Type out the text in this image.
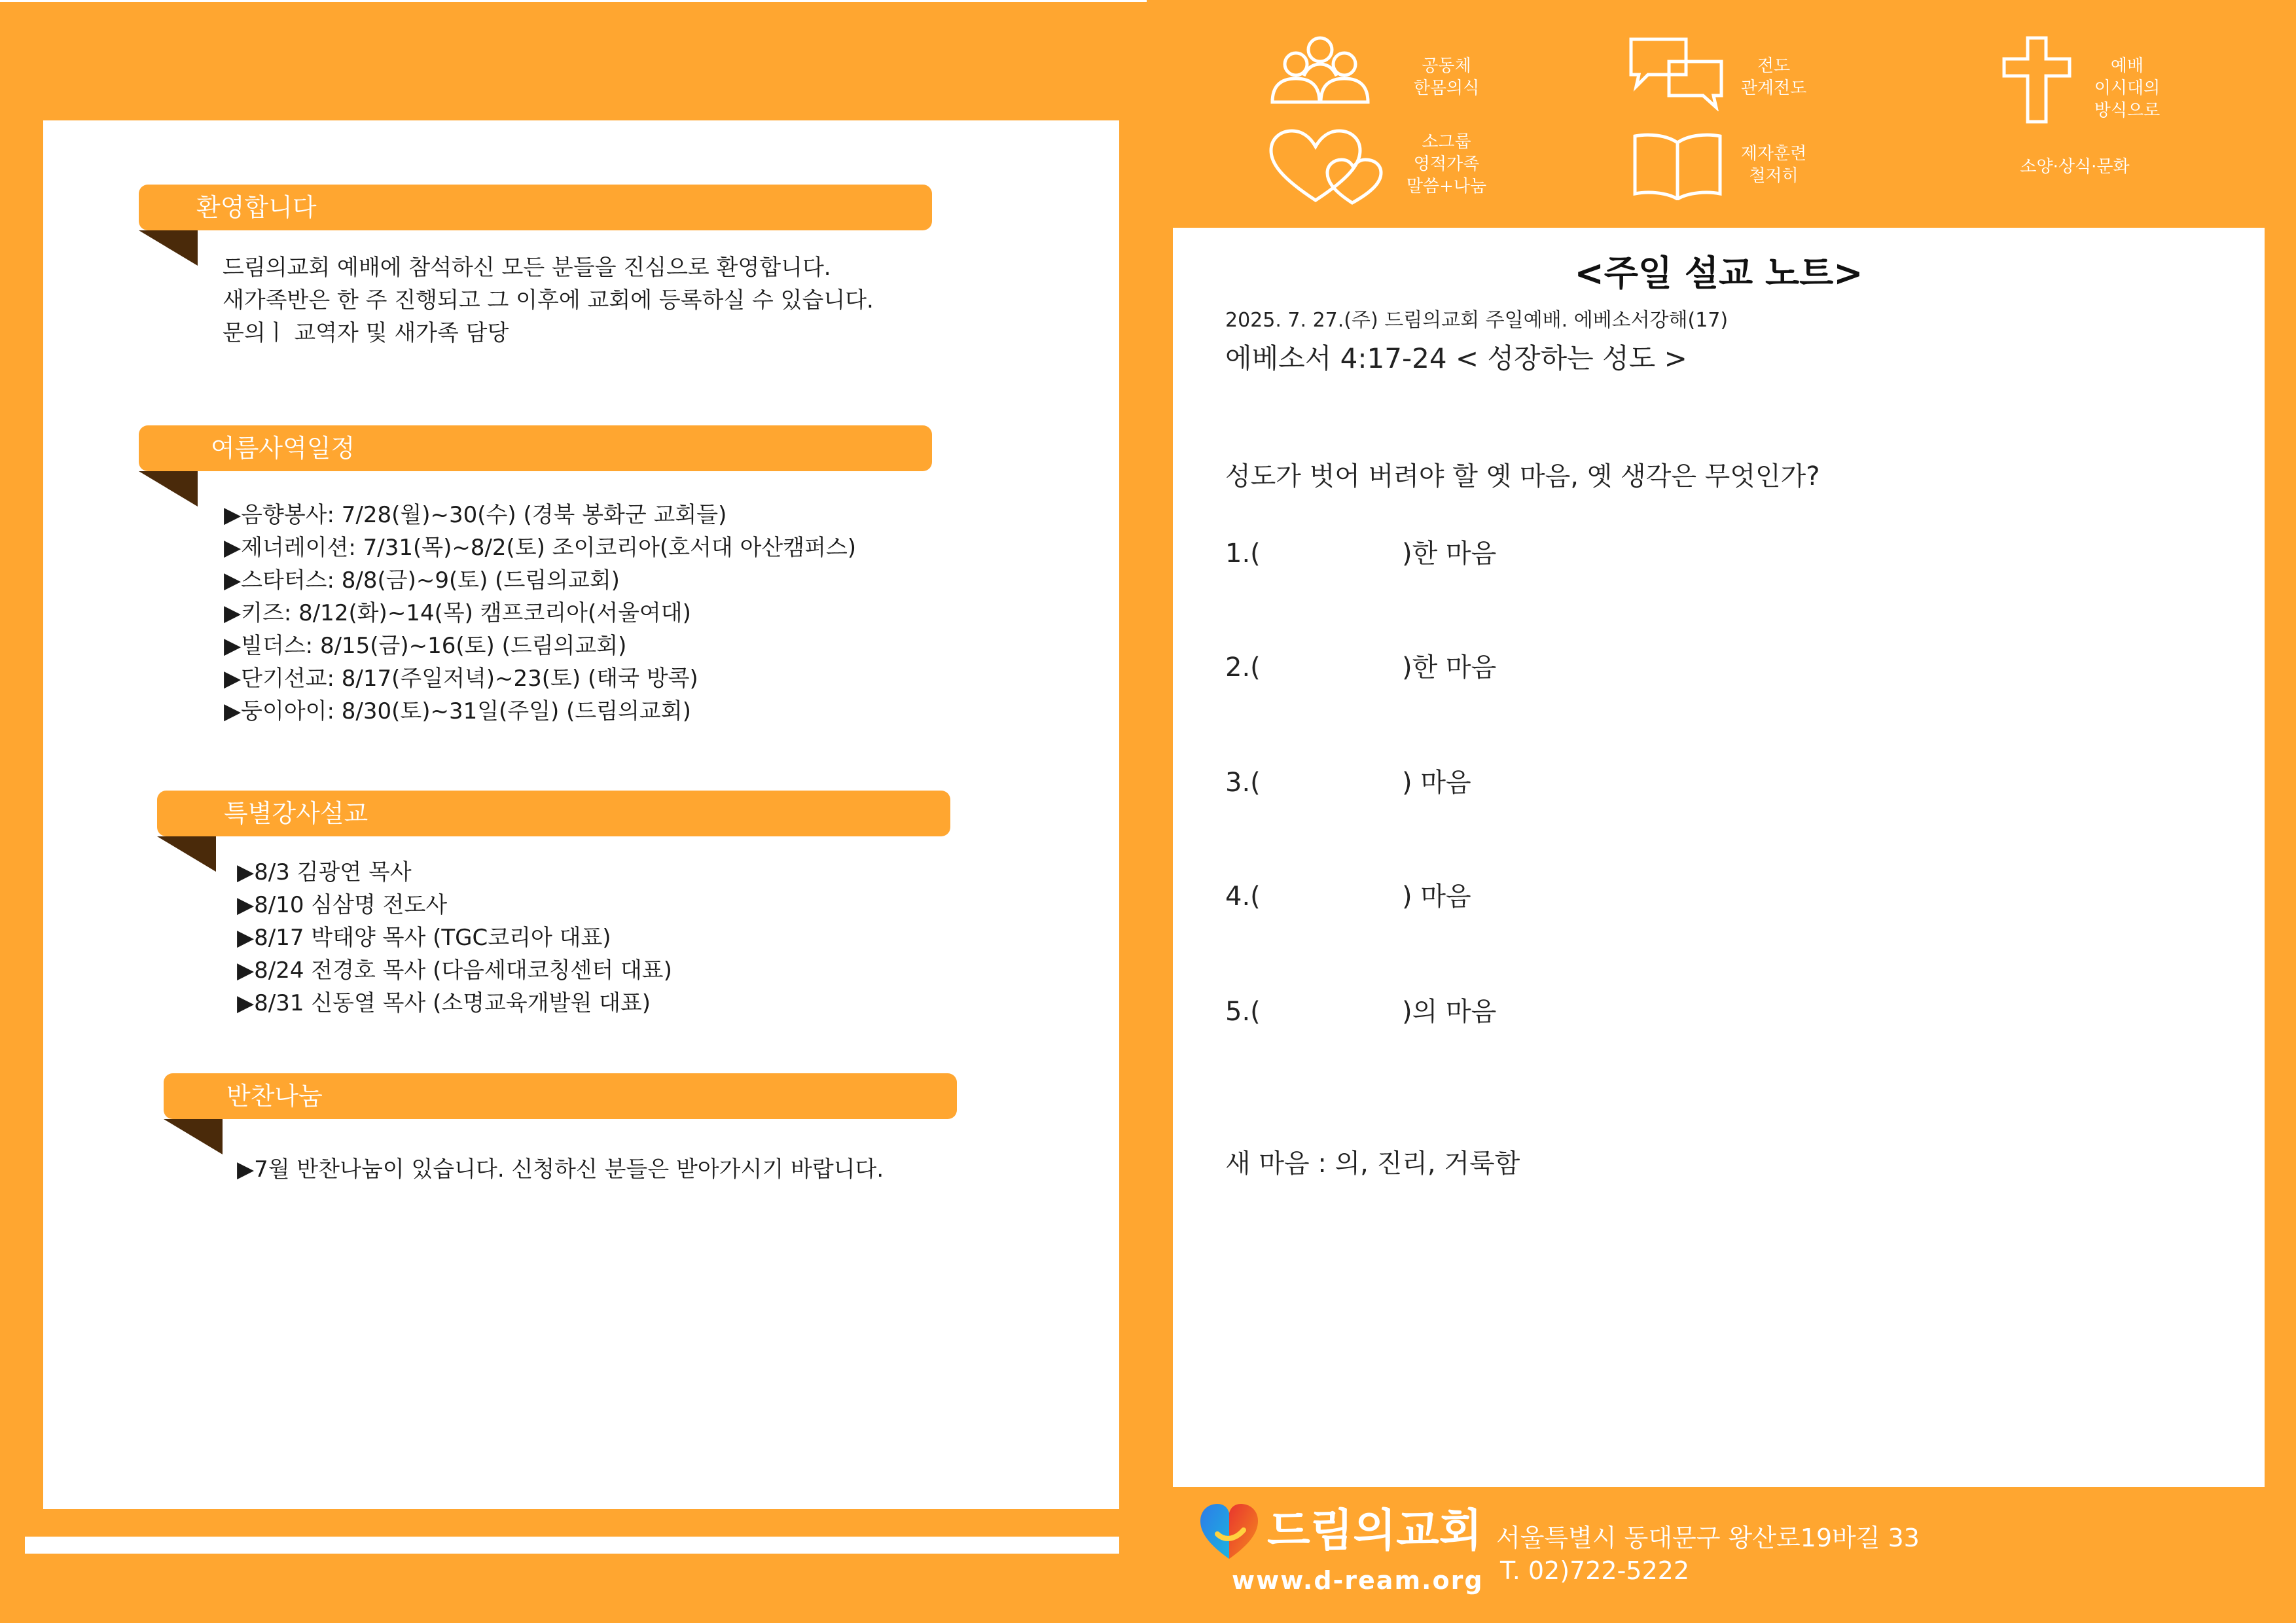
공동체
한몸의식
전도
관계전도
예배
이시대의
방식으로
소그룹
영적가족
말씀+나눔
제자훈련
철저히	소양·상식·문화
환영합니다
드림의교회 예배에 참석하신 모든 분들을 진심으로 환영합니다.
새가족반은 한 주 진행되고 그 이후에 교회에 등록하실 수 있습니다.
문의ㅣ 교역자 및 새가족 담당
여름사역일정
▶음향봉사: 7/28(월)~30(수) (경북 봉화군 교회들)
▶제너레이션: 7/31(목)~8/2(토) 조이코리아(호서대 아산캠퍼스)
▶스타터스: 8/8(금)~9(토) (드림의교회)
▶키즈: 8/12(화)~14(목) 캠프코리아(서울여대)
▶빌더스: 8/15(금)~16(토) (드림의교회)
▶단기선교: 8/17(주일저녁)~23(토) (태국 방콕)
▶둥이아이: 8/30(토)~31일(주일) (드림의교회)
특별강사설교
▶8/3 김광연 목사
▶8/10 심삼명 전도사
▶8/17 박태양 목사 (TGC코리아 대표)
▶8/24 전경호 목사 (다음세대코칭센터 대표)
▶8/31 신동열 목사 (소명교육개발원 대표)
반찬나눔
▶7월 반찬나눔이 있습니다. 신청하신 분들은 받아가시기 바랍니다.
<주일 설교 노트>
2025. 7. 27.(주) 드림의교회 주일예배. 에베소서강해(17)
에베소서 4:17-24 < 성장하는 성도 >
성도가 벗어 버려야 할 옛 마음, 옛 생각은 무엇인가?
1.(	)한 마음
2.(	)한 마음
3.(	) 마음
4.(	) 마음
5.(	)의 마음
새 마음 : 의, 진리, 거룩함
드림의교회
www.d-ream.org
서울특별시 동대문구 왕산로19바길 33
T. 02)722-5222
